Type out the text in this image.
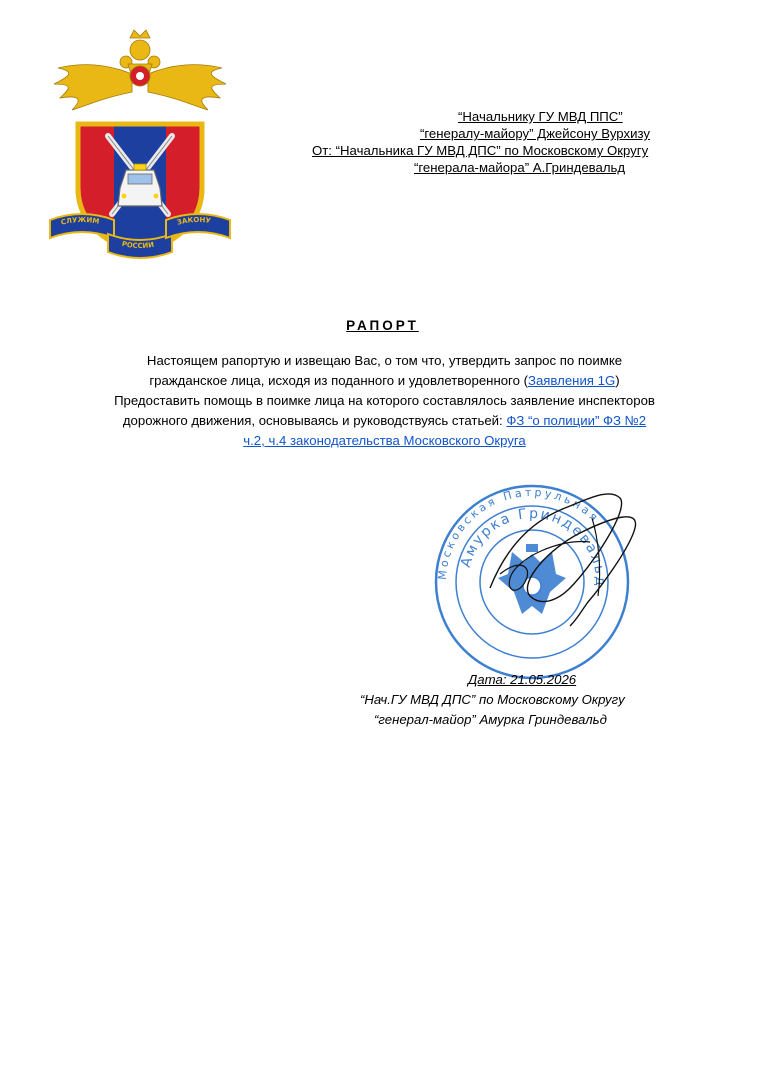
СЛУЖИМ
РОССИИ
ЗАКОНУ
“Начальнику ГУ МВД ППС”
“генералу-майору” Джейсону Вурхизу
От: “Начальника ГУ МВД ДПС” по Московскому Округу
“генерала-майора” А.Гриндевальд
РАПОРТ
Настоящем рапортую и извещаю Вас, о том что, утвердить запрос по поимке гражданское лица, исходя из поданного и удовлетворенного (Заявления 1G) Предоставить помощь в поимке лица на которого составлялось заявление инспекторов дорожного движения, основываясь и руководствуясь статьей: ФЗ “о полиции” ФЗ №2 ч.2, ч.4 законодательства Московского Округа
Московская Патрульная
Амурка Гриндевальд
Дата: 21.05.2026
“Нач.ГУ МВД ДПС” по Московскому Округу
“генерал-майор” Амурка Гриндевальд
